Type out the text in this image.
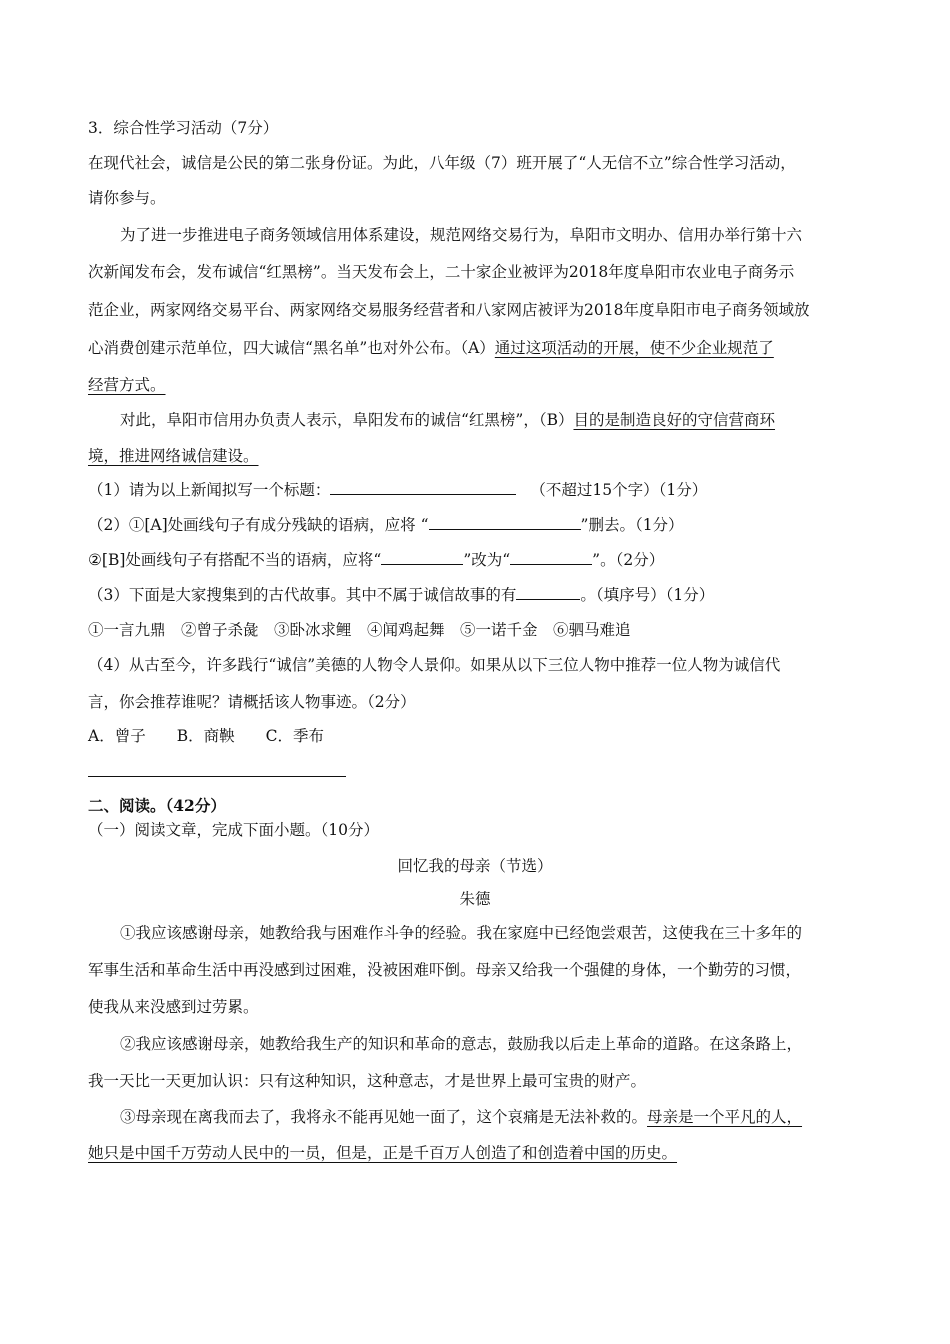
3．综合性学习活动（7分）
在现代社会，诚信是公民的第二张身份证。为此，八年级（7）班开展了“人无信不立”综合性学习活动，
请你参与。
为了进一步推进电子商务领域信用体系建设，规范网络交易行为，阜阳市文明办、信用办举行第十六
次新闻发布会，发布诚信“红黑榜”。当天发布会上，二十家企业被评为2018年度阜阳市农业电子商务示
范企业，两家网络交易平台、两家网络交易服务经营者和八家网店被评为2018年度阜阳市电子商务领域放
心消费创建示范单位，四大诚信“黑名单”也对外公布。（A）通过这项活动的开展，使不少企业规范了
经营方式。
对此，阜阳市信用办负责人表示，阜阳发布的诚信“红黑榜”，（B）目的是制造良好的守信营商环
境，推进网络诚信建设。
（1）请为以上新闻拟写一个标题：	（不超过15个字）（1分）
（2）①[A]处画线句子有成分残缺的语病，应将 “	”删去。（1分）
②[B]处画线句子有搭配不当的语病，应将“	”改为“	”。（2分）
（3）下面是大家搜集到的古代故事。其中不属于诚信故事的有	。（填序号）（1分）
①一言九鼎　②曾子杀彘　③卧冰求鲤　④闻鸡起舞　⑤一诺千金　⑥驷马难追
（4）从古至今，许多践行“诚信”美德的人物令人景仰。如果从以下三位人物中推荐一位人物为诚信代
言，你会推荐谁呢？请概括该人物事迹。（2分）
A．曾子　　B．商鞅　　C．季布
二、阅读。（42分）
（一）阅读文章，完成下面小题。（10分）
回忆我的母亲（节选）
朱德
①我应该感谢母亲，她教给我与困难作斗争的经验。我在家庭中已经饱尝艰苦，这使我在三十多年的
军事生活和革命生活中再没感到过困难，没被困难吓倒。母亲又给我一个强健的身体，一个勤劳的习惯，
使我从来没感到过劳累。
②我应该感谢母亲，她教给我生产的知识和革命的意志，鼓励我以后走上革命的道路。在这条路上，
我一天比一天更加认识：只有这种知识，这种意志，才是世界上最可宝贵的财产。
③母亲现在离我而去了，我将永不能再见她一面了，这个哀痛是无法补救的。母亲是一个平凡的人，
她只是中国千万劳动人民中的一员，但是，正是千百万人创造了和创造着中国的历史。
